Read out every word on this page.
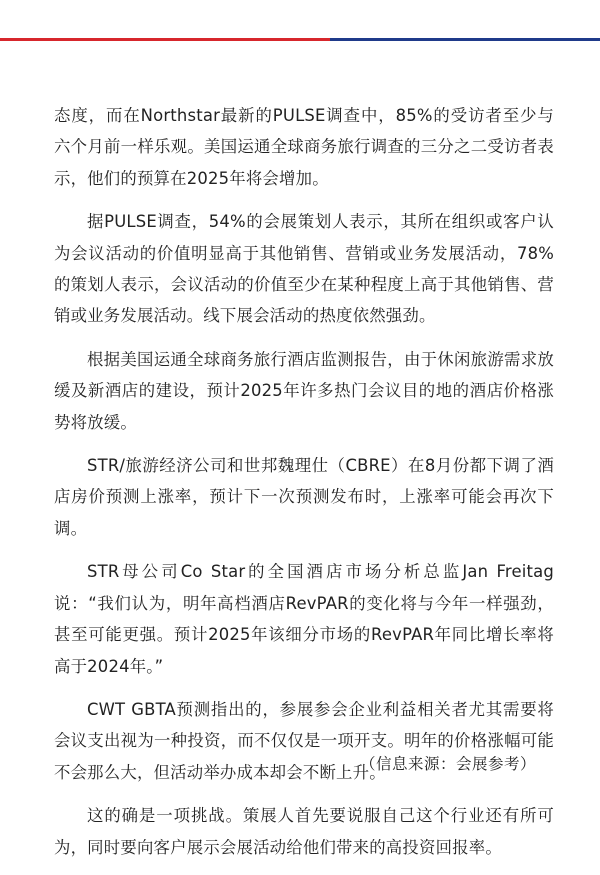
态度，而在Northstar最新的PULSE调查中，85%的受访者至少与六个月前一样乐观。美国运通全球商务旅行调查的三分之二受访者表示，他们的预算在2025年将会增加。

据PULSE调查，54%的会展策划人表示，其所在组织或客户认为会议活动的价值明显高于其他销售、营销或业务发展活动，78%的策划人表示，会议活动的价值至少在某种程度上高于其他销售、营销或业务发展活动。线下展会活动的热度依然强劲。

根据美国运通全球商务旅行酒店监测报告，由于休闲旅游需求放缓及新酒店的建设，预计2025年许多热门会议目的地的酒店价格涨势将放缓。

STR/旅游经济公司和世邦魏理仕（CBRE）在8月份都下调了酒店房价预测上涨率，预计下一次预测发布时，上涨率可能会再次下调。

STR母公司Co Star的全国酒店市场分析总监Jan Freitag说：“我们认为，明年高档酒店RevPAR的变化将与今年一样强劲，甚至可能更强。预计2025年该细分市场的RevPAR年同比增长率将高于2024年。”

CWT GBTA预测指出的，参展参会企业利益相关者尤其需要将会议支出视为一种投资，而不仅仅是一项开支。明年的价格涨幅可能不会那么大，但活动举办成本却会不断上升。

这的确是一项挑战。策展人首先要说服自己这个行业还有所可为，同时要向客户展示会展活动给他们带来的高投资回报率。

（信息来源：会展参考）
